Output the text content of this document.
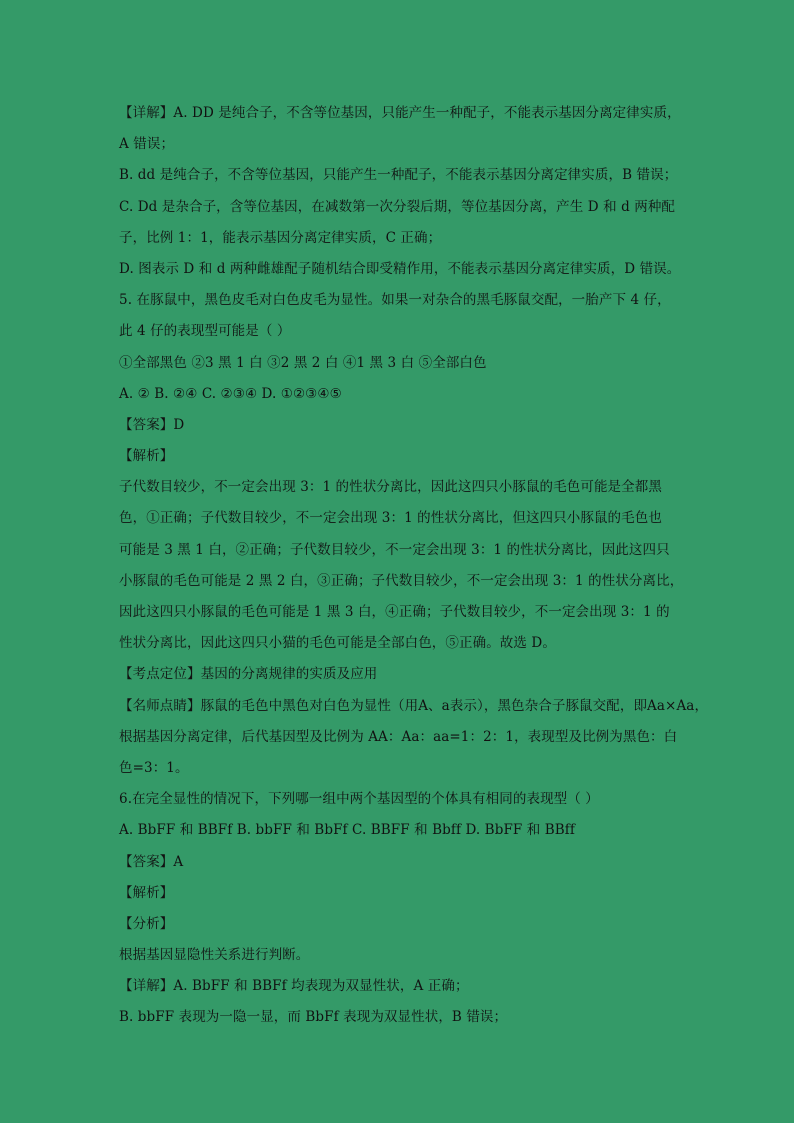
【详解】A. DD 是纯合子，不含等位基因，只能产生一种配子，不能表示基因分离定律实质，
A 错误；
B. dd 是纯合子，不含等位基因，只能产生一种配子，不能表示基因分离定律实质，B 错误；
C. Dd 是杂合子，含等位基因，在减数第一次分裂后期，等位基因分离，产生 D 和 d 两种配
子，比例 1：1，能表示基因分离定律实质，C 正确；
D. 图表示 D 和 d 两种雌雄配子随机结合即受精作用，不能表示基因分离定律实质，D 错误。
5. 在豚鼠中，黑色皮毛对白色皮毛为显性。如果一对杂合的黑毛豚鼠交配，一胎产下 4 仔，
此 4 仔的表现型可能是（ ）
①全部黑色 ②3 黑 1 白 ③2 黑 2 白 ④1 黑 3 白 ⑤全部白色
A. ② B. ②④ C. ②③④ D. ①②③④⑤
【答案】D
【解析】
子代数目较少，不一定会出现 3：1 的性状分离比，因此这四只小豚鼠的毛色可能是全都黑
色，①正确；子代数目较少，不一定会出现 3：1 的性状分离比，但这四只小豚鼠的毛色也
可能是 3 黑 1 白，②正确；子代数目较少，不一定会出现 3：1 的性状分离比，因此这四只
小豚鼠的毛色可能是 2 黑 2 白，③正确；子代数目较少，不一定会出现 3：1 的性状分离比，
因此这四只小豚鼠的毛色可能是 1 黑 3 白，④正确；子代数目较少，不一定会出现 3：1 的
性状分离比，因此这四只小猫的毛色可能是全部白色，⑤正确。故选 D。
【考点定位】基因的分离规律的实质及应用
【名师点睛】豚鼠的毛色中黑色对白色为显性（用A、a表示），黑色杂合子豚鼠交配，即Aa×Aa，
根据基因分离定律，后代基因型及比例为 AA：Aa：aa=1：2：1，表现型及比例为黑色：白
色=3：1。
6.在完全显性的情况下，下列哪一组中两个基因型的个体具有相同的表现型（ ）
A. BbFF 和 BBFf B. bbFF 和 BbFf C. BBFF 和 Bbff D. BbFF 和 BBff
【答案】A
【解析】
【分析】
根据基因显隐性关系进行判断。
【详解】A. BbFF 和 BBFf 均表现为双显性状，A 正确；
B. bbFF 表现为一隐一显，而 BbFf 表现为双显性状，B 错误；
